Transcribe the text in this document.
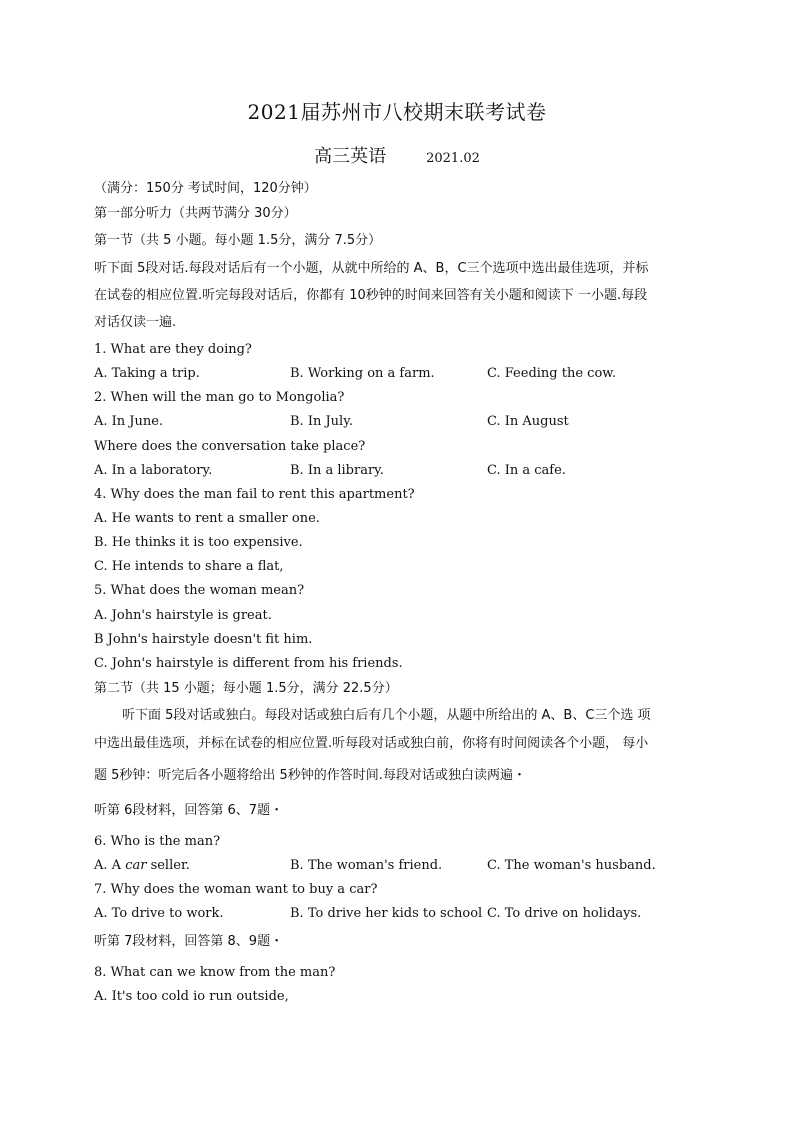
2021届苏州市八校期末联考试卷
高三英语	2021.02
（满分：150分 考试时间，120分钟）
第一部分听力（共两节满分 30分）
第一节（共 5 小题。每小题 1.5分，满分 7.5分）
听下面 5段对话.每段对话后有一个小题，从就中所给的 A、B，C三个选项中选出最佳选项，并标
在试卷的相应位置.听完每段对话后，你都有 10秒钟的时间来回答有关小题和阅读下 一小题.每段
对话仅读一遍.
1. What are they doing?
A. Taking a trip.	B. Working on a farm.	C. Feeding the cow.
2. When will the man go to Mongolia?
A. In June.	B. In July.	C. In August
Where does the conversation take place?
A. In a laboratory.	B. In a library.	C. In a cafe.
4. Why does the man fail to rent this apartment?
A. He wants to rent a smaller one.
B. He thinks it is too expensive.
C. He intends to share a flat,
5. What does the woman mean?
A. John's hairstyle is great.
B John's hairstyle doesn't fit him.
C. John's hairstyle is different from his friends.
第二节（共 15 小题；每小题 1.5分，满分 22.5分）
听下面 5段对话或独白。每段对话或独白后有几个小题，从题中所给出的 A、B、C三个选 项
中选出最佳选项，并标在试卷的相应位置.听每段对话或独白前，你将有时间阅读各个小题， 每小
题 5秒钟：听完后各小题将给出 5秒钟的作答时间.每段对话或独白读两遍・
听第 6段材料，回答第 6、7题・
6. Who is the man?
A. A car seller.	B. The woman's friend.	C. The woman's husband.
7. Why does the woman want to buy a car?
A. To drive to work.	B. To drive her kids to school C. To drive on holidays.
听第 7段材料，回答第 8、9题・
8. What can we know from the man?
A. It's too cold io run outside,
